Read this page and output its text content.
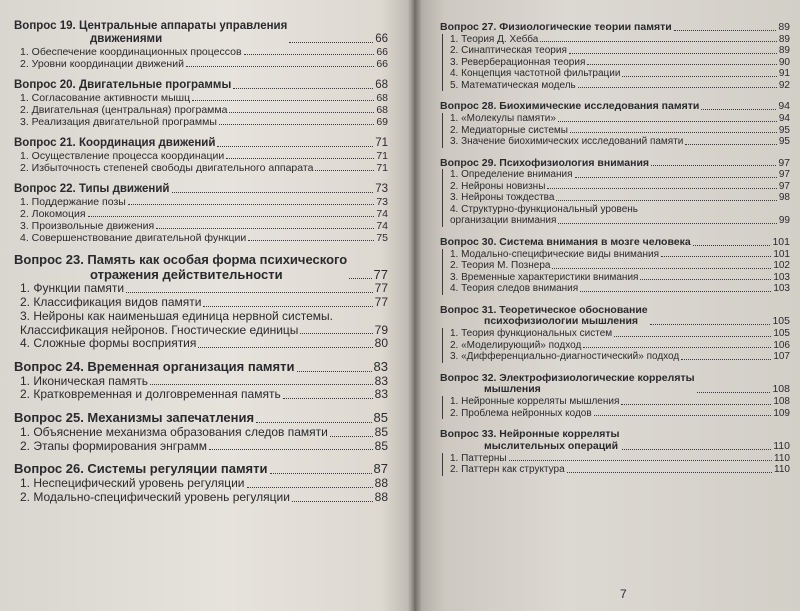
Вопрос 19. Центральные аппараты управления
движениями	66
1. Обеспечение координационных процессов	66
2. Уровни координации движений	66
Вопрос 20. Двигательные программы	68
1. Согласование активности мышц	68
2. Двигательная (центральная) программа	68
3. Реализация двигательной программы	69
Вопрос 21. Координация движений	71
1. Осуществление процесса координации	71
2. Избыточность степеней свободы двигательного аппарата	71
Вопрос 22. Типы движений	73
1. Поддержание позы	73
2. Локомоция	74
3. Произвольные движения	74
4. Совершенствование двигательной функции	75
Вопрос 23. Память как особая форма психического
отражения действительности	77
1. Функции памяти	77
2. Классификация видов памяти	77
3. Нейроны как наименьшая единица нервной системы.
Классификация нейронов. Гностические единицы	79
4. Сложные формы восприятия	80
Вопрос 24. Временная организация памяти	83
1. Иконическая память	83
2. Кратковременная и долговременная память	83
Вопрос 25. Механизмы запечатления	85
1. Объяснение механизма образования следов памяти	85
2. Этапы формирования энграмм	85
Вопрос 26. Системы регуляции памяти	87
1. Неспецифический уровень регуляции	88
2. Модально-специфический уровень регуляции	88
Вопрос 27. Физиологические теории памяти	89
1. Теория Д. Хебба	89
2. Синаптическая теория	89
3. Реверберационная теория	90
4. Концепция частотной фильтрации	91
5. Математическая модель	92
Вопрос 28. Биохимические исследования памяти	94
1. «Молекулы памяти»	94
2. Медиаторные системы	95
3. Значение биохимических исследований памяти	95
Вопрос 29. Психофизиология внимания	97
1. Определение внимания	97
2. Нейроны новизны	97
3. Нейроны тождества	98
4. Структурно-функциональный уровень
организации внимания	99
Вопрос 30. Система внимания в мозге человека	101
1. Модально-специфические виды внимания	101
2. Теория М. Познера	102
3. Временные характеристики внимания	103
4. Теория следов внимания	103
Вопрос 31. Теоретическое обоснование
психофизиологии мышления	105
1. Теория функциональных систем	105
2. «Моделирующий» подход	106
3. «Дифференциально-диагностический» подход	107
Вопрос 32. Электрофизиологические корреляты
мышления	108
1. Нейронные корреляты мышления	108
2. Проблема нейронных кодов	109
Вопрос 33. Нейронные корреляты
мыслительных операций	110
1. Паттерны	110
2. Паттерн как структура	110
7
